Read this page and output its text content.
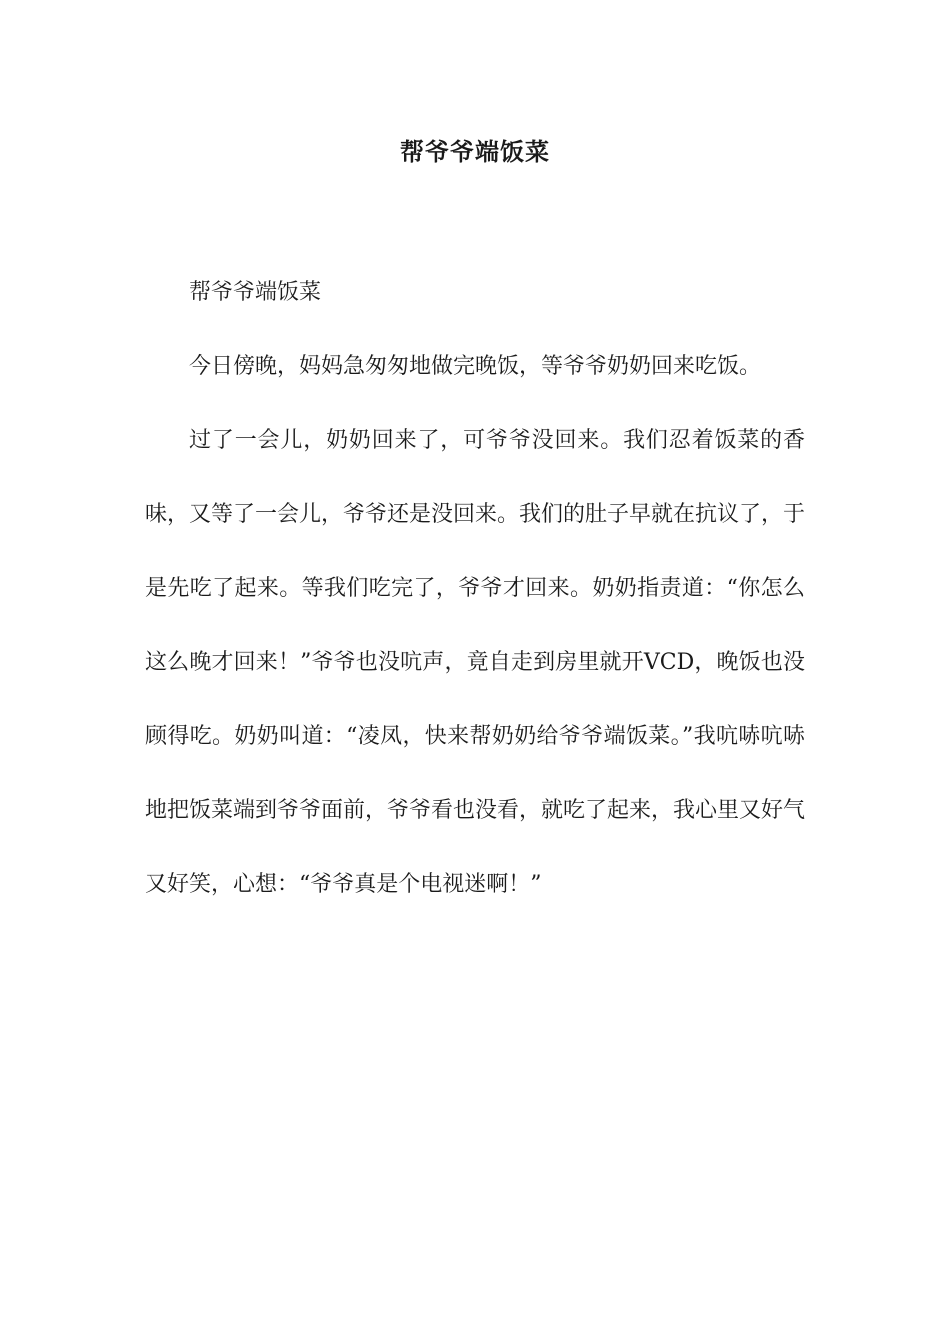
帮爷爷端饭菜

帮爷爷端饭菜

今日傍晚，妈妈急匆匆地做完晚饭，等爷爷奶奶回来吃饭。

过了一会儿，奶奶回来了，可爷爷没回来。我们忍着饭菜的香味，又等了一会儿，爷爷还是没回来。我们的肚子早就在抗议了，于是先吃了起来。等我们吃完了，爷爷才回来。奶奶指责道：“你怎么这么晚才回来！”爷爷也没吭声，竟自走到房里就开VCD，晚饭也没顾得吃。奶奶叫道：“凌凤，快来帮奶奶给爷爷端饭菜。”我吭哧吭哧地把饭菜端到爷爷面前，爷爷看也没看，就吃了起来，我心里又好气又好笑，心想：“爷爷真是个电视迷啊！”
